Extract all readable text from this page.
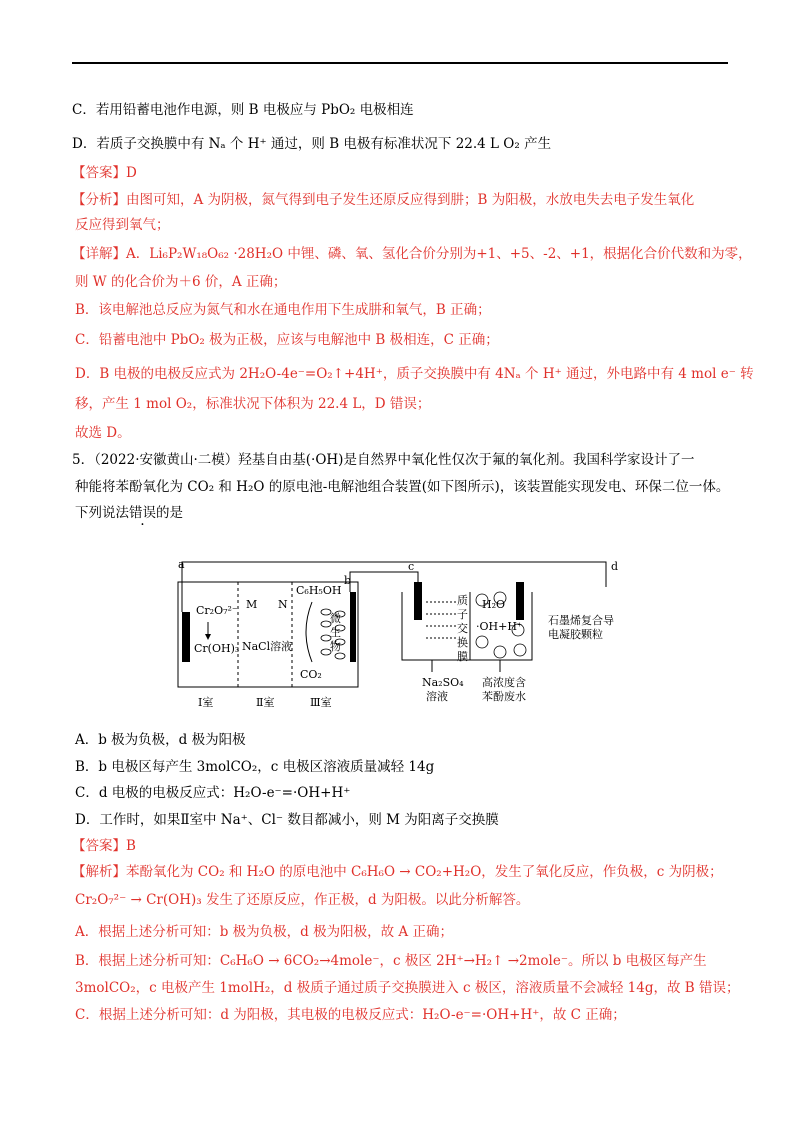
C．若用铅蓄电池作电源，则 B 电极应与 PbO₂ 电极相连
D．若质子交换膜中有 Nₐ 个 H⁺ 通过，则 B 电极有标准状况下 22.4 L O₂ 产生
【答案】D
【分析】由图可知，A 为阴极，氮气得到电子发生还原反应得到肼；B 为阳极，水放电失去电子发生氧化
反应得到氧气；
【详解】A．Li₆P₂W₁₈O₆₂ ·28H₂O 中锂、磷、氧、氢化合价分别为+1、+5、-2、+1，根据化合价代数和为零，
则 W 的化合价为＋6 价，A 正确；
B．该电解池总反应为氮气和水在通电作用下生成肼和氧气，B 正确；
C．铅蓄电池中 PbO₂ 极为正极，应该与电解池中 B 极相连，C 正确；
D．B 电极的电极反应式为 2H₂O-4e⁻=O₂↑+4H⁺，质子交换膜中有 4Nₐ 个 H⁺ 通过，外电路中有 4 mol e⁻ 转
移，产生 1 mol O₂，标准状况下体积为 22.4 L，D 错误；
故选 D。
5．（2022·安徽黄山·二模）羟基自由基(·OH)是自然界中氧化性仅次于氟的氧化剂。我国科学家设计了一
种能将苯酚氧化为 CO₂ 和 H₂O 的原电池-电解池组合装置(如下图所示)，该装置能实现发电、环保二位一体。
下列说法错误的是
a
b
c	d
Cr₂O₇²⁻
Cr(OH)₃
M N
NaCl溶液
C₆H₅OH
微
生
物
CO₂
Ⅰ室	Ⅱ室	Ⅲ室
质
子
交
换
膜
H₂O
·OH+H⁺ 石墨烯复合导
电凝胶颗粒
Na₂SO₄
溶液
高浓度含
苯酚废水
A．b 极为负极，d 极为阳极
B．b 电极区每产生 3molCO₂，c 电极区溶液质量减轻 14g
C．d 电极的电极反应式：H₂O-e⁻=·OH+H⁺
D．工作时，如果Ⅱ室中 Na⁺、Cl⁻ 数目都减小，则 M 为阳离子交换膜
【答案】B
【解析】苯酚氧化为 CO₂ 和 H₂O 的原电池中 C₆H₆O → CO₂+H₂O，发生了氧化反应，作负极，c 为阴极；
Cr₂O₇²⁻ → Cr(OH)₃ 发生了还原反应，作正极，d 为阳极。以此分析解答。
A．根据上述分析可知：b 极为负极，d 极为阳极，故 A 正确；
B．根据上述分析可知：C₆H₆O → 6CO₂→4mole⁻，c 极区 2H⁺→H₂↑ →2mole⁻。所以 b 电极区每产生
3molCO₂，c 电极产生 1molH₂，d 极质子通过质子交换膜进入 c 极区，溶液质量不会减轻 14g，故 B 错误；
C．根据上述分析可知：d 为阳极，其电极的电极反应式：H₂O-e⁻=·OH+H⁺，故 C 正确；
